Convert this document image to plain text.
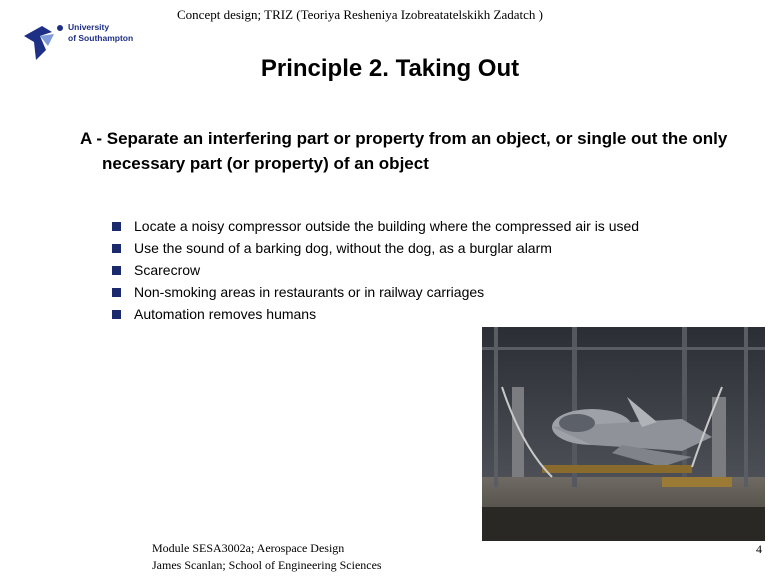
Concept design; TRIZ (Teoriya Resheniya Izobreatatelskikh Zadatch )
University
of Southampton
Principle 2. Taking Out
A - Separate an interfering part or property from an object, or single out the only necessary part (or property) of an object
Locate a noisy compressor outside the building where the compressed air is used
Use the sound of a barking dog, without the dog, as a burglar alarm
Scarecrow
Non-smoking areas in restaurants or in railway carriages
Automation removes humans
Module SESA3002a; Aerospace Design
James Scanlan; School of Engineering Sciences
4
